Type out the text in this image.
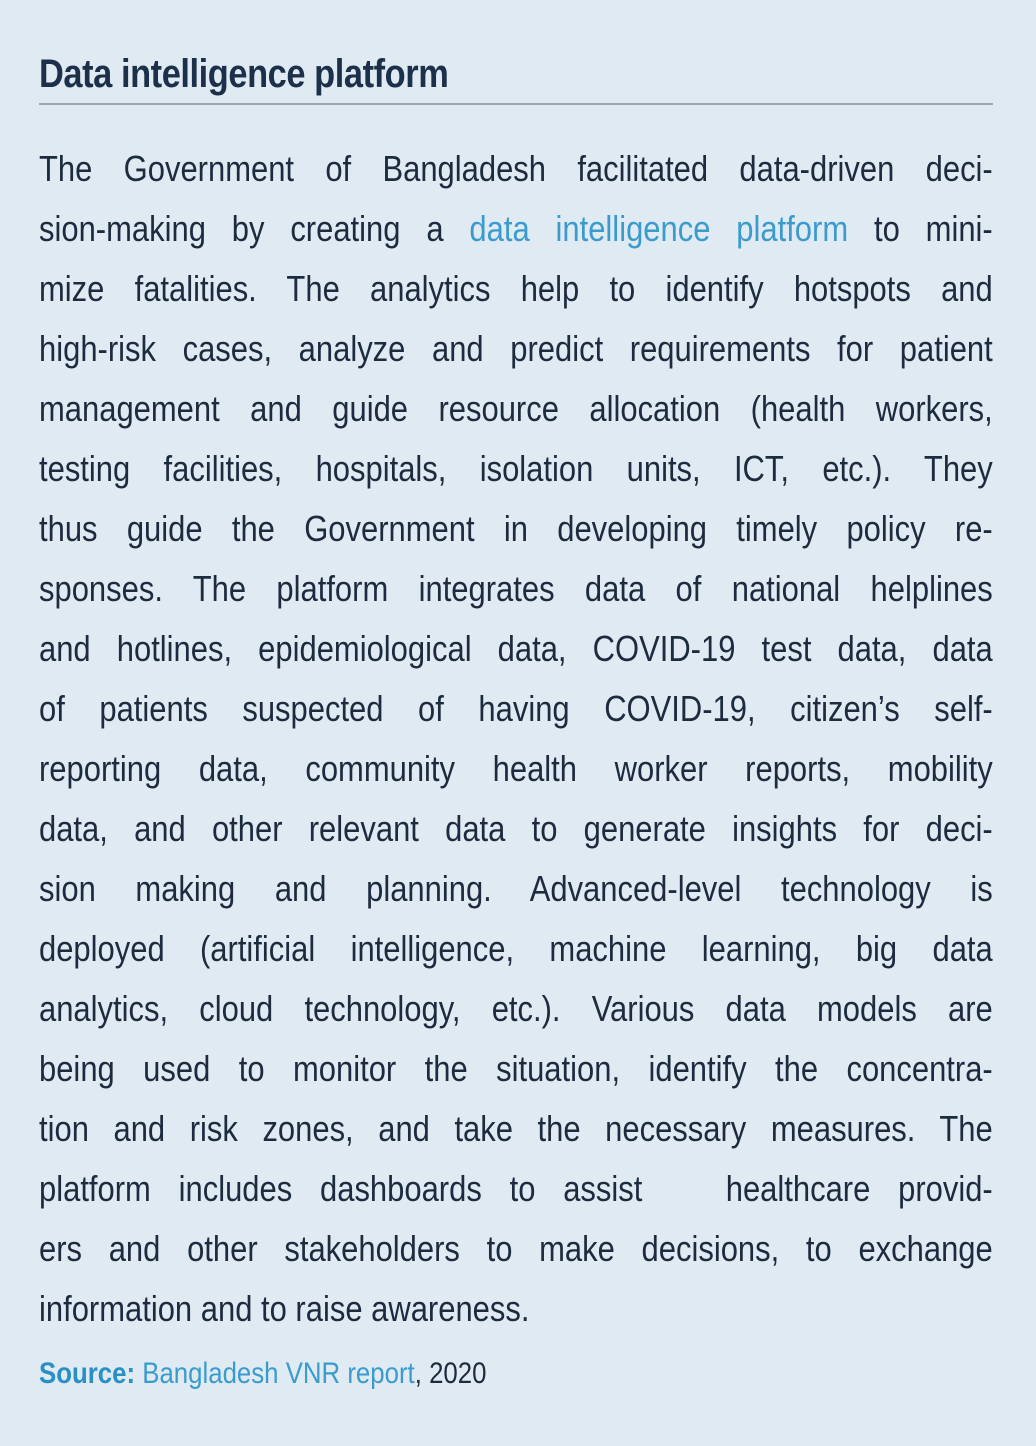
Data intelligence platform
The Government of Bangladesh facilitated data-driven deci-
sion-making by creating a data intelligence platform to mini-
mize fatalities. The analytics help to identify hotspots and
high-risk cases, analyze and predict requirements for patient
management and guide resource allocation (health workers,
testing facilities, hospitals, isolation units, ICT, etc.). They
thus guide the Government in developing timely policy re-
sponses. The platform integrates data of national helplines
and hotlines, epidemiological data, COVID-19 test data, data
of patients suspected of having COVID-19, citizen’s self-
reporting data, community health worker reports, mobility
data, and other relevant data to generate insights for deci-
sion making and planning. Advanced-level technology is
deployed (artificial intelligence, machine learning, big data
analytics, cloud technology, etc.). Various data models are
being used to monitor the situation, identify the concentra-
tion and risk zones, and take the necessary measures. The
platform includes dashboards to assist   healthcare provid-
ers and other stakeholders to make decisions, to exchange
information and to raise awareness.

Source: Bangladesh VNR report, 2020
